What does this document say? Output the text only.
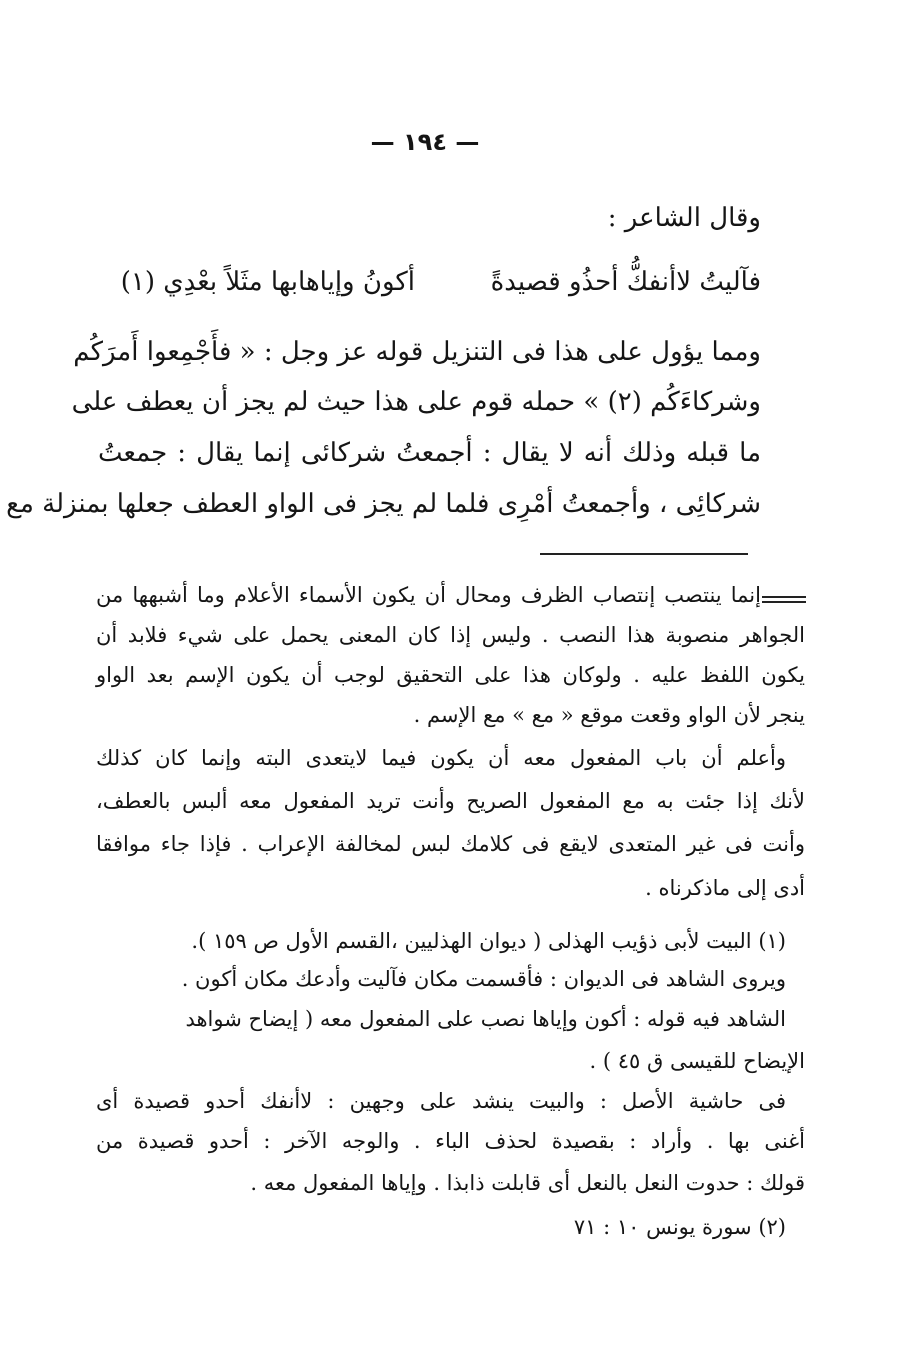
— ١٩٤ —
وقال الشاعر :
فآليتُ لاأنفكُّ أحذُو قصيدةً
أكونُ وإياهابها مثَلاً بعْدِي (١)
ومما يؤول على هذا فى التنزيل قوله عز وجل : « فأَجْمِعوا أَمرَكُم
وشركاءَكُم (٢) » حمله قوم على هذا حيث لم يجز أن يعطف على
ما قبله وذلك أنه لا يقال : أجمعتُ شركائى إنما يقال : جمعتُ
شركائِى ، وأجمعتُ أمْرِى فلما لم يجز فى الواو العطف جعلها بمنزلة مع
إنما ينتصب إنتصاب الظرف ومحال أن يكون الأسماء الأعلام وما أشبهها من
الجواهر منصوبة هذا النصب . وليس إذا كان المعنى يحمل على شيء فلابد أن
يكون اللفظ عليه . ولوكان هذا على التحقيق لوجب أن يكون الإسم بعد الواو
ينجر لأن الواو وقعت موقع « مع » مع الإسم .
وأعلم أن باب المفعول معه أن يكون فيما لايتعدى البته وإنما كان كذلك
لأنك إذا جئت به مع المفعول الصريح وأنت تريد المفعول معه ألبس بالعطف،
وأنت فى غير المتعدى لايقع فى كلامك لبس لمخالفة الإعراب . فإذا جاء موافقا
أدى إلى ماذكرناه .
(١) البيت لأبى ذؤيب الهذلى ( ديوان الهذليين ،القسم الأول ص ١٥٩ ).
ويروى الشاهد فى الديوان : فأقسمت مكان فآليت وأدعك مكان أكون .
الشاهد فيه قوله : أكون وإياها نصب على المفعول معه ( إيضاح شواهد
الإيضاح للقيسى ق ٤٥ ) .
فى حاشية الأصل : والبيت ينشد على وجهين : لاأنفك أحدو قصيدة أى
أغنى بها . وأراد : بقصيدة لحذف الباء . والوجه الآخر : أحدو قصيدة من
قولك : حدوت النعل بالنعل أى قابلت ذابذا . وإياها المفعول معه .
(٢) سورة يونس ١٠ : ٧١
